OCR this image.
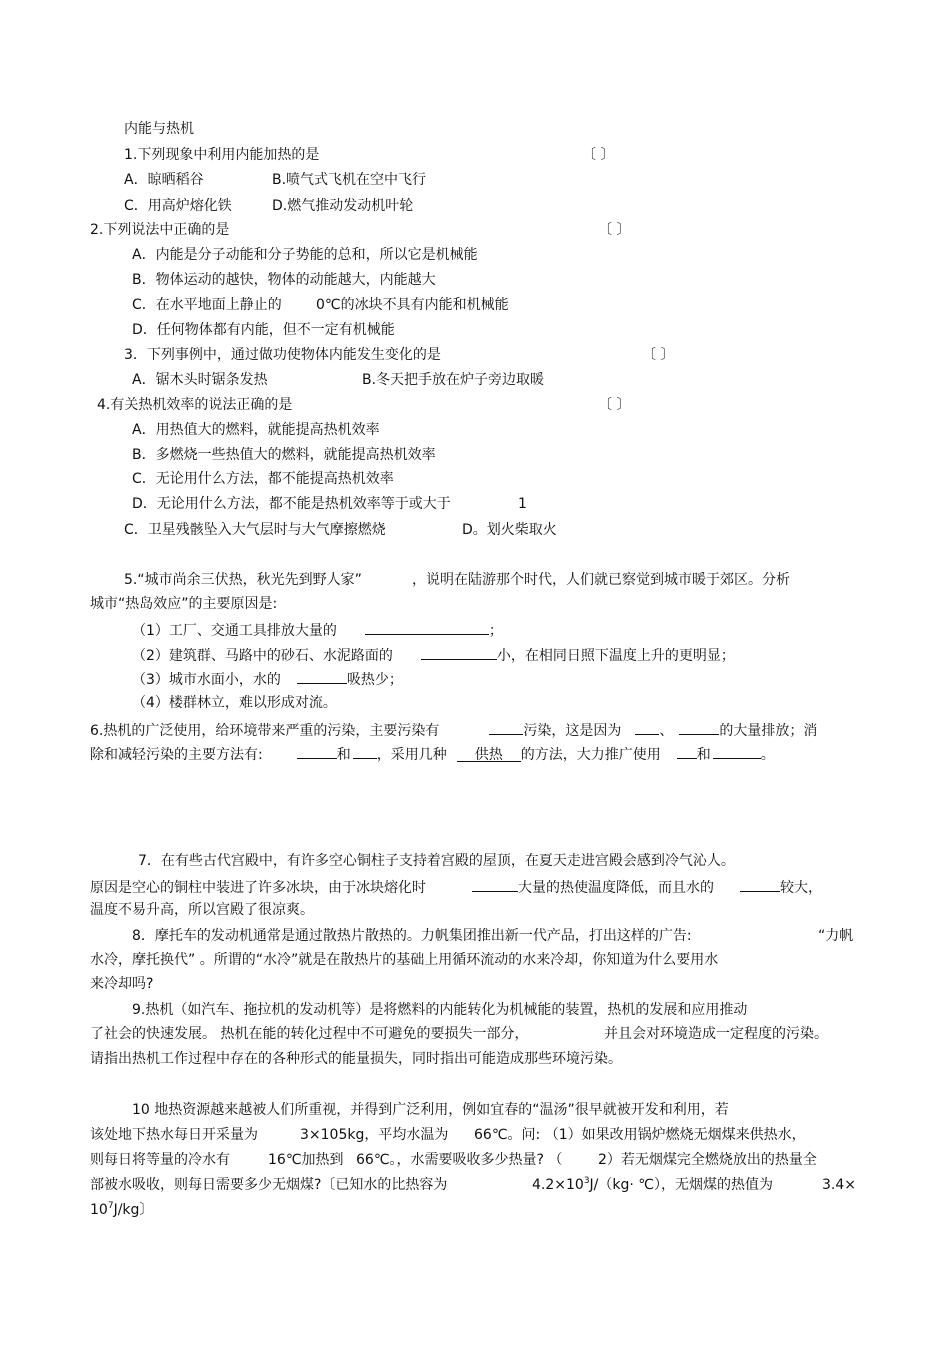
内能与热机
1.下列现象中利用内能加热的是	〔 〕
A．晾晒稻谷	B.喷气式飞机在空中飞行
C．用高炉熔化铁	D.燃气推动发动机叶轮
2.下列说法中正确的是	〔 〕
A．内能是分子动能和分子势能的总和，所以它是机械能
B．物体运动的越快，物体的动能越大，内能越大
C．在水平地面上静止的 0℃的冰块不具有内能和机械能
D．任何物体都有内能，但不一定有机械能
3．下列事例中，通过做功使物体内能发生变化的是	〔 〕
A．锯木头时锯条发热	B.冬天把手放在炉子旁边取暖
4.有关热机效率的说法正确的是	〔 〕
A．用热值大的燃料，就能提高热机效率
B．多燃烧一些热值大的燃料，就能提高热机效率
C．无论用什么方法，都不能提高热机效率
D．无论用什么方法，都不能是热机效率等于或大于	1
C．卫星残骸坠入大气层时与大气摩擦燃烧	D。划火柴取火
5.“城市尚余三伏热，秋光先到野人家”	，说明在陆游那个时代，人们就已察觉到城市暖于郊区。分析
城市“热岛效应”的主要原因是:
（1）工厂、交通工具排放大量的	；
（2）建筑群、马路中的砂石、水泥路面的	小，在相同日照下温度上升的更明显；
（3）城市水面小，水的	吸热少；
（4）楼群林立，难以形成对流。
6.热机的广泛使用，给环境带来严重的污染，主要污染有	污染，这是因为	、	的大量排放；消
除和减轻污染的主要方法有:	和 ，采用几种 供热 的方法，大力推广使用	和	。
7．在有些古代宫殿中，有许多空心铜柱子支持着宫殿的屋顶，在夏天走进宫殿会感到冷气沁人。
原因是空心的铜柱中装进了许多冰块，由于冰块熔化时	大量的热使温度降低，而且水的	较大，
温度不易升高，所以宫殿了很凉爽。
8．摩托车的发动机通常是通过散热片散热的。力帆集团推出新一代产品，打出这样的广告:	“力帆
水冷，摩托换代” 。所谓的“水冷”就是在散热片的基础上用循环流动的水来冷却，你知道为什么要用水
来冷却吗?
9.热机（如汽车、拖拉机的发动机等）是将燃料的内能转化为机械能的装置，热机的发展和应用推动
了社会的快速发展。 热机在能的转化过程中不可避免的要损失一部分，	并且会对环境造成一定程度的污染。
请指出热机工作过程中存在的各种形式的能量损失，同时指出可能造成那些环境污染。
10 地热资源越来越被人们所重视，并得到广泛利用，例如宜春的“温汤”很早就被开发和利用，若
该处地下热水每日开采量为	3×105kg，平均水温为 66℃。问: （1）如果改用锅炉燃烧无烟煤来供热水，
则每日将等量的冷水有	16℃加热到 66℃。，水需要吸收多少热量? （	2）若无烟煤完全燃烧放出的热量全
部被水吸收，则每日需要多少无烟煤?〔已知水的比热容为	$4.2\times 10^3J/(kg\cdot$ ℃），无烟煤的热值为	3.4×
$10^7J/kg$〕
